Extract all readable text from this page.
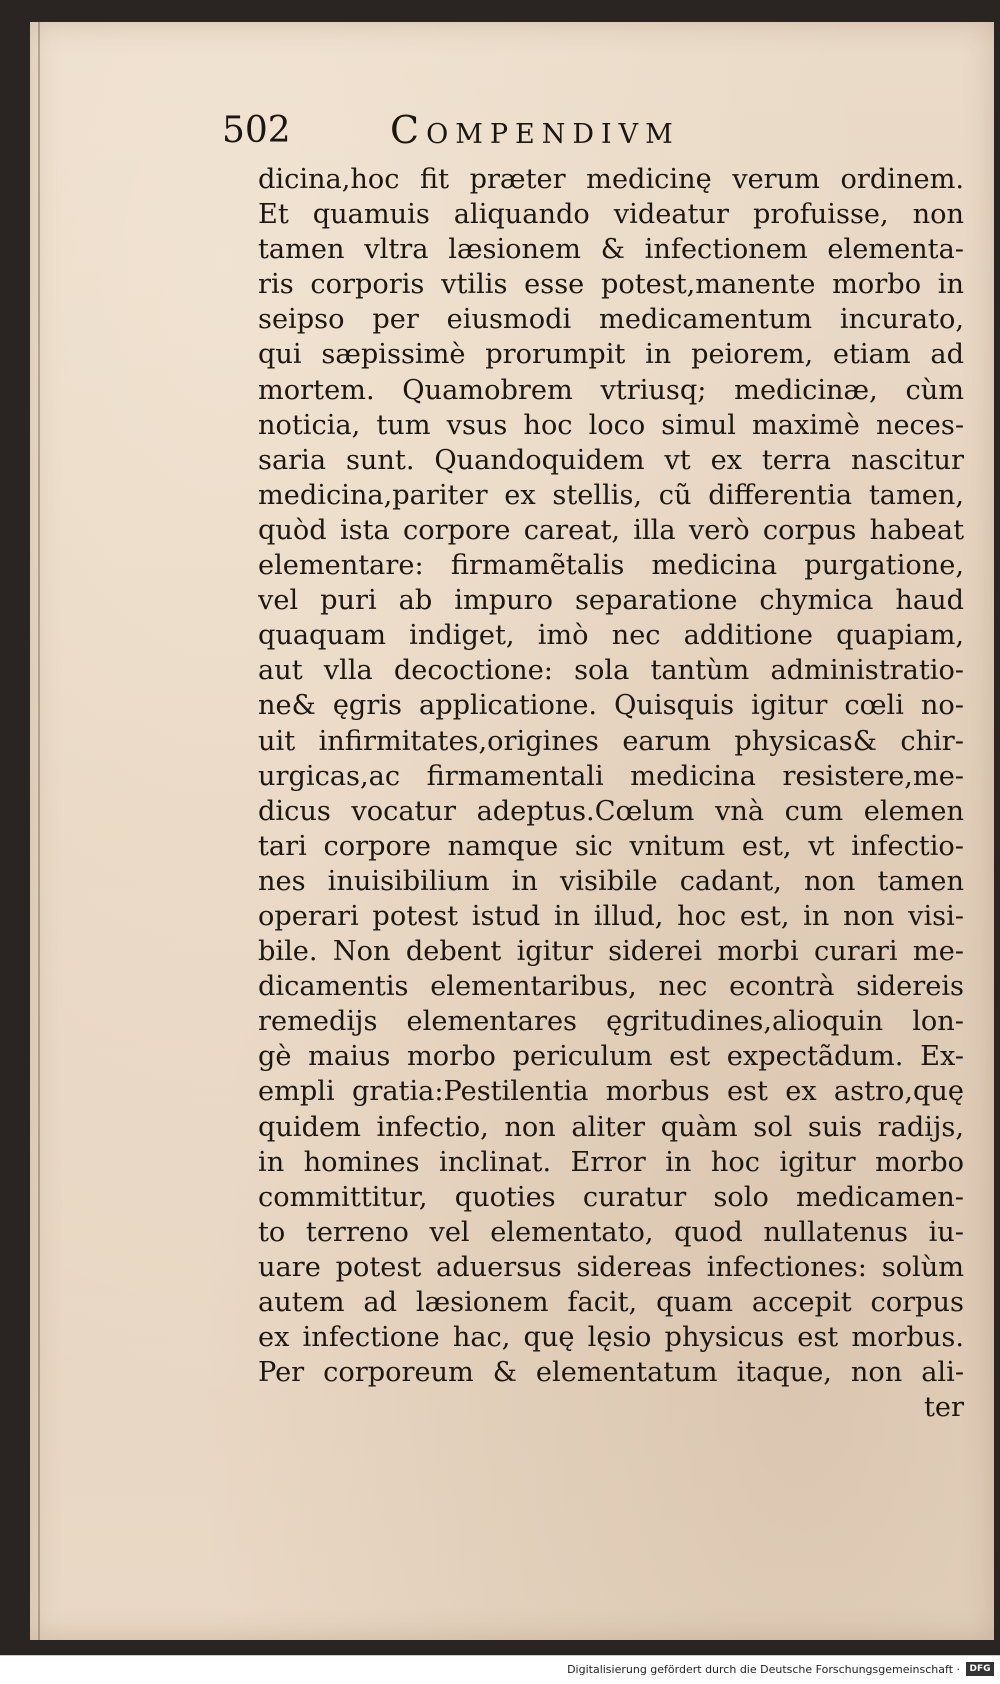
502	Compendivm
dicina,hoc fit præter medicinę verum ordinem.
Et quamuis aliquando videatur profuisse, non
tamen vltra læsionem & infectionem elementa-
ris corporis vtilis esse potest,manente morbo in
seipso per eiusmodi medicamentum incurato,
qui sæpissimè prorumpit in peiorem, etiam ad
mortem. Quamobrem vtriusq; medicinæ, cùm
noticia, tum vsus hoc loco simul maximè neces-
saria sunt. Quandoquidem vt ex terra nascitur
medicina,pariter ex stellis, cũ differentia tamen,
quòd ista corpore careat, illa verò corpus habeat
elementare: firmamẽtalis medicina purgatione,
vel puri ab impuro separatione chymica haud
quaquam indiget, imò nec additione quapiam,
aut vlla decoctione: sola tantùm administratio-
ne& ęgris applicatione. Quisquis igitur cœli no-
uit infirmitates,origines earum physicas& chir-
urgicas,ac firmamentali medicina resistere,me-
dicus vocatur adeptus.Cœlum vnà cum elemen
tari corpore namque sic vnitum est, vt infectio-
nes inuisibilium in visibile cadant, non tamen
operari potest istud in illud, hoc est, in non visi-
bile. Non debent igitur siderei morbi curari me-
dicamentis elementaribus, nec econtrà sidereis
remedijs elementares ęgritudines,alioquin lon-
gè maius morbo periculum est expectãdum. Ex-
empli gratia:Pestilentia morbus est ex astro,quę
quidem infectio, non aliter quàm sol suis radijs,
in homines inclinat. Error in hoc igitur morbo
committitur, quoties curatur solo medicamen-
to terreno vel elementato, quod nullatenus iu-
uare potest aduersus sidereas infectiones: solùm
autem ad læsionem facit, quam accepit corpus
ex infectione hac, quę lęsio physicus est morbus.
Per corporeum & elementatum itaque, non ali-
ter
Digitalisierung gefördert durch die Deutsche Forschungsgemeinschaft ·	DFG
